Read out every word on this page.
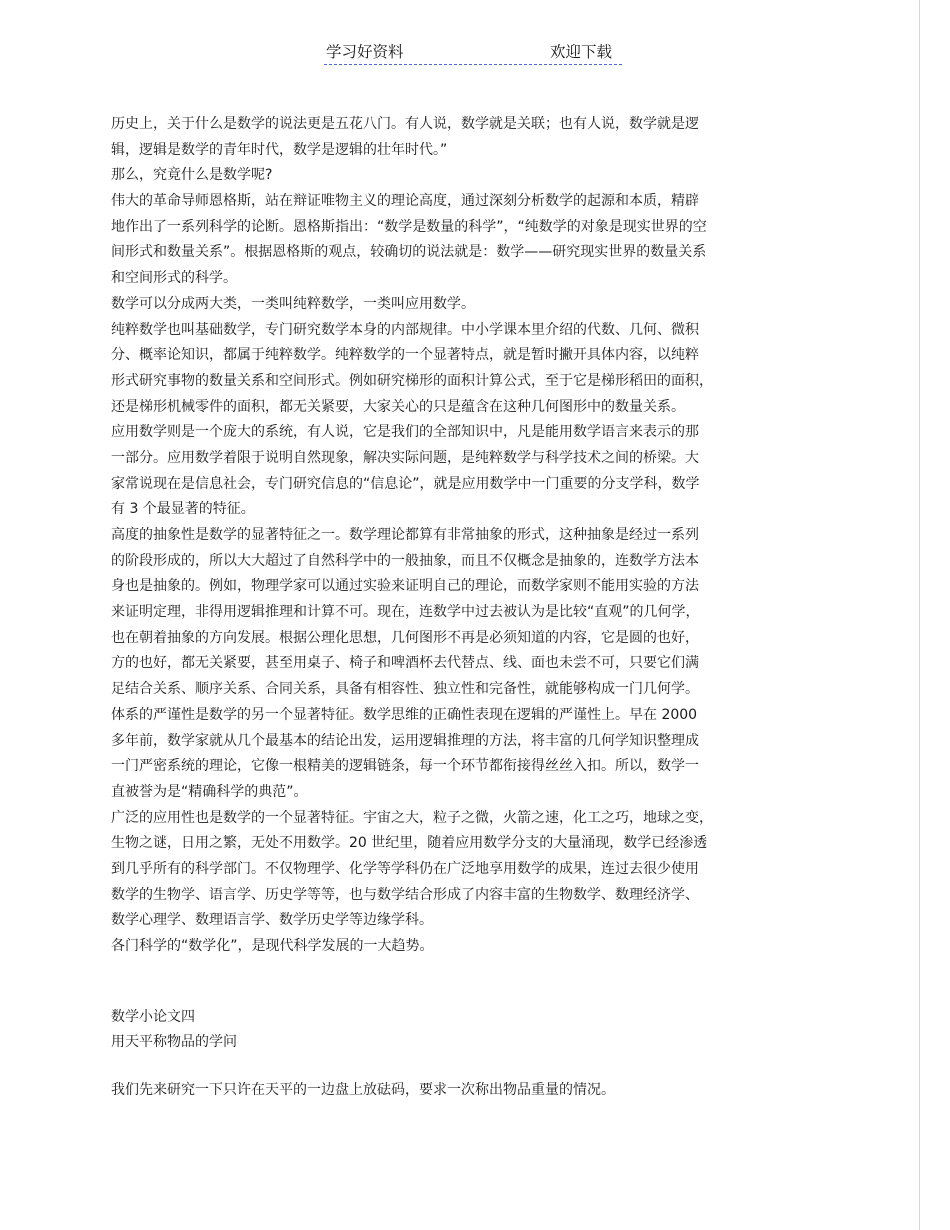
学习好资料	欢迎下载
历史上，关于什么是数学的说法更是五花八门。有人说，数学就是关联；也有人说，数学就是逻
辑，逻辑是数学的青年时代，数学是逻辑的壮年时代。”
那么，究竟什么是数学呢?
伟大的革命导师恩格斯，站在辩证唯物主义的理论高度，通过深刻分析数学的起源和本质，精辟
地作出了一系列科学的论断。恩格斯指出：“数学是数量的科学”，“纯数学的对象是现实世界的空
间形式和数量关系”。根据恩格斯的观点，较确切的说法就是：数学——研究现实世界的数量关系
和空间形式的科学。
数学可以分成两大类，一类叫纯粹数学，一类叫应用数学。
纯粹数学也叫基础数学，专门研究数学本身的内部规律。中小学课本里介绍的代数、几何、微积
分、概率论知识，都属于纯粹数学。纯粹数学的一个显著特点，就是暂时撇开具体内容，以纯粹
形式研究事物的数量关系和空间形式。例如研究梯形的面积计算公式，至于它是梯形稻田的面积，
还是梯形机械零件的面积，都无关紧要，大家关心的只是蕴含在这种几何图形中的数量关系。
应用数学则是一个庞大的系统，有人说，它是我们的全部知识中，凡是能用数学语言来表示的那
一部分。应用数学着限于说明自然现象，解决实际问题，是纯粹数学与科学技术之间的桥梁。大
家常说现在是信息社会，专门研究信息的“信息论”，就是应用数学中一门重要的分支学科，数学
有 3 个最显著的特征。
高度的抽象性是数学的显著特征之一。数学理论都算有非常抽象的形式，这种抽象是经过一系列
的阶段形成的，所以大大超过了自然科学中的一般抽象，而且不仅概念是抽象的，连数学方法本
身也是抽象的。例如，物理学家可以通过实验来证明自己的理论，而数学家则不能用实验的方法
来证明定理，非得用逻辑推理和计算不可。现在，连数学中过去被认为是比较“直观”的几何学，
也在朝着抽象的方向发展。根据公理化思想，几何图形不再是必须知道的内容，它是圆的也好，
方的也好，都无关紧要，甚至用桌子、椅子和啤酒杯去代替点、线、面也未尝不可，只要它们满
足结合关系、顺序关系、合同关系，具备有相容性、独立性和完备性，就能够构成一门几何学。
体系的严谨性是数学的另一个显著特征。数学思维的正确性表现在逻辑的严谨性上。早在 2000
多年前，数学家就从几个最基本的结论出发，运用逻辑推理的方法，将丰富的几何学知识整理成
一门严密系统的理论，它像一根精美的逻辑链条，每一个环节都衔接得丝丝入扣。所以，数学一
直被誉为是“精确科学的典范”。
广泛的应用性也是数学的一个显著特征。宇宙之大，粒子之微，火箭之速，化工之巧，地球之变，
生物之谜，日用之繁，无处不用数学。20 世纪里，随着应用数学分支的大量涌现，数学已经渗透
到几乎所有的科学部门。不仅物理学、化学等学科仍在广泛地享用数学的成果，连过去很少使用
数学的生物学、语言学、历史学等等，也与数学结合形成了内容丰富的生物数学、数理经济学、
数学心理学、数理语言学、数学历史学等边缘学科。
各门科学的“数学化”，是现代科学发展的一大趋势。
数学小论文四
用天平称物品的学问
我们先来研究一下只许在天平的一边盘上放砝码，要求一次称出物品重量的情况。
